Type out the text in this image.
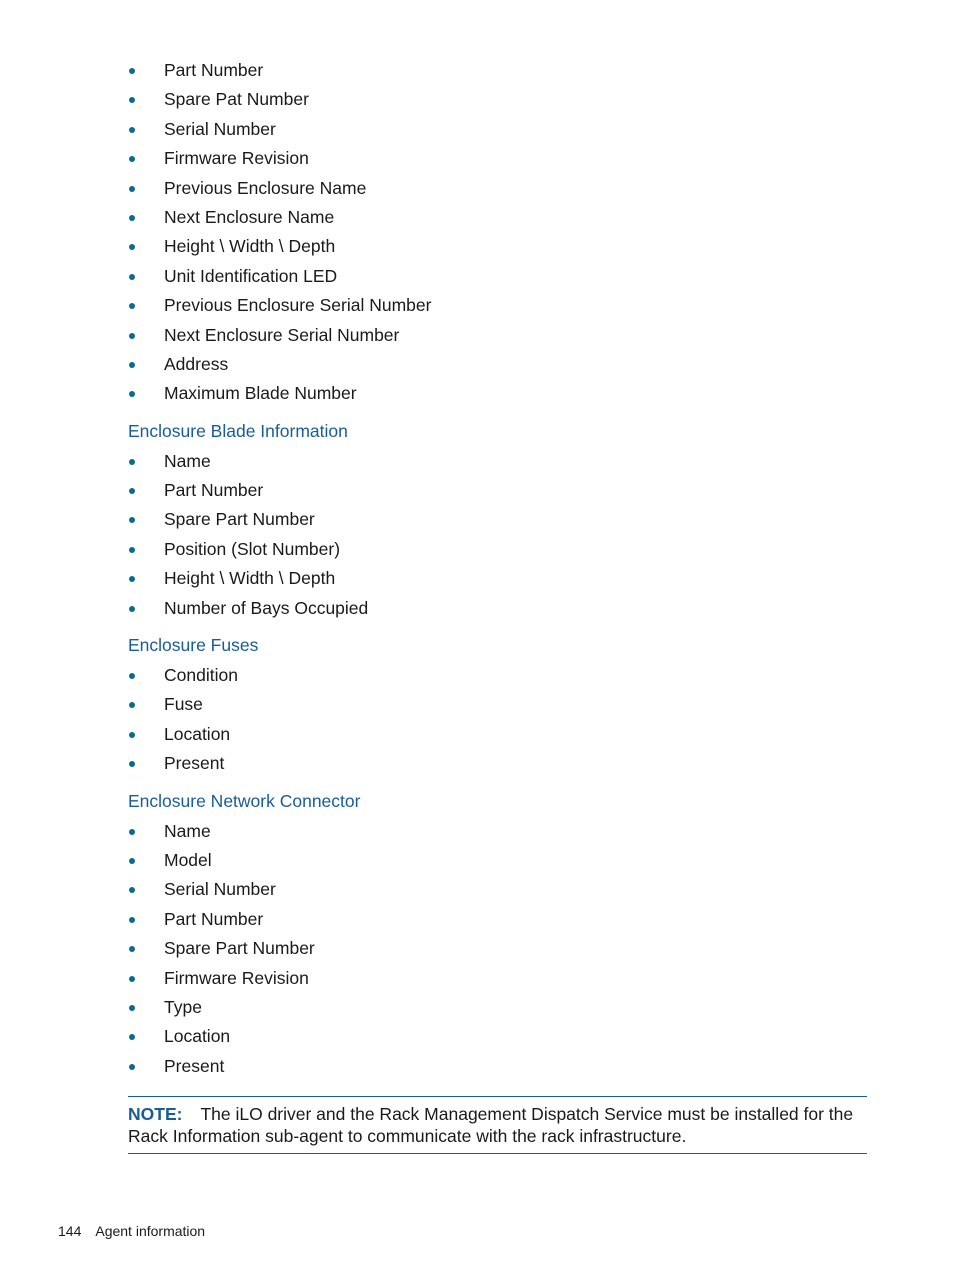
Part Number
Spare Pat Number
Serial Number
Firmware Revision
Previous Enclosure Name
Next Enclosure Name
Height \ Width \ Depth
Unit Identification LED
Previous Enclosure Serial Number
Next Enclosure Serial Number
Address
Maximum Blade Number
Enclosure Blade Information
Name
Part Number
Spare Part Number
Position (Slot Number)
Height \ Width \ Depth
Number of Bays Occupied
Enclosure Fuses
Condition
Fuse
Location
Present
Enclosure Network Connector
Name
Model
Serial Number
Part Number
Spare Part Number
Firmware Revision
Type
Location
Present
NOTE: The iLO driver and the Rack Management Dispatch Service must be installed for the Rack Information sub-agent to communicate with the rack infrastructure.
144 Agent information
